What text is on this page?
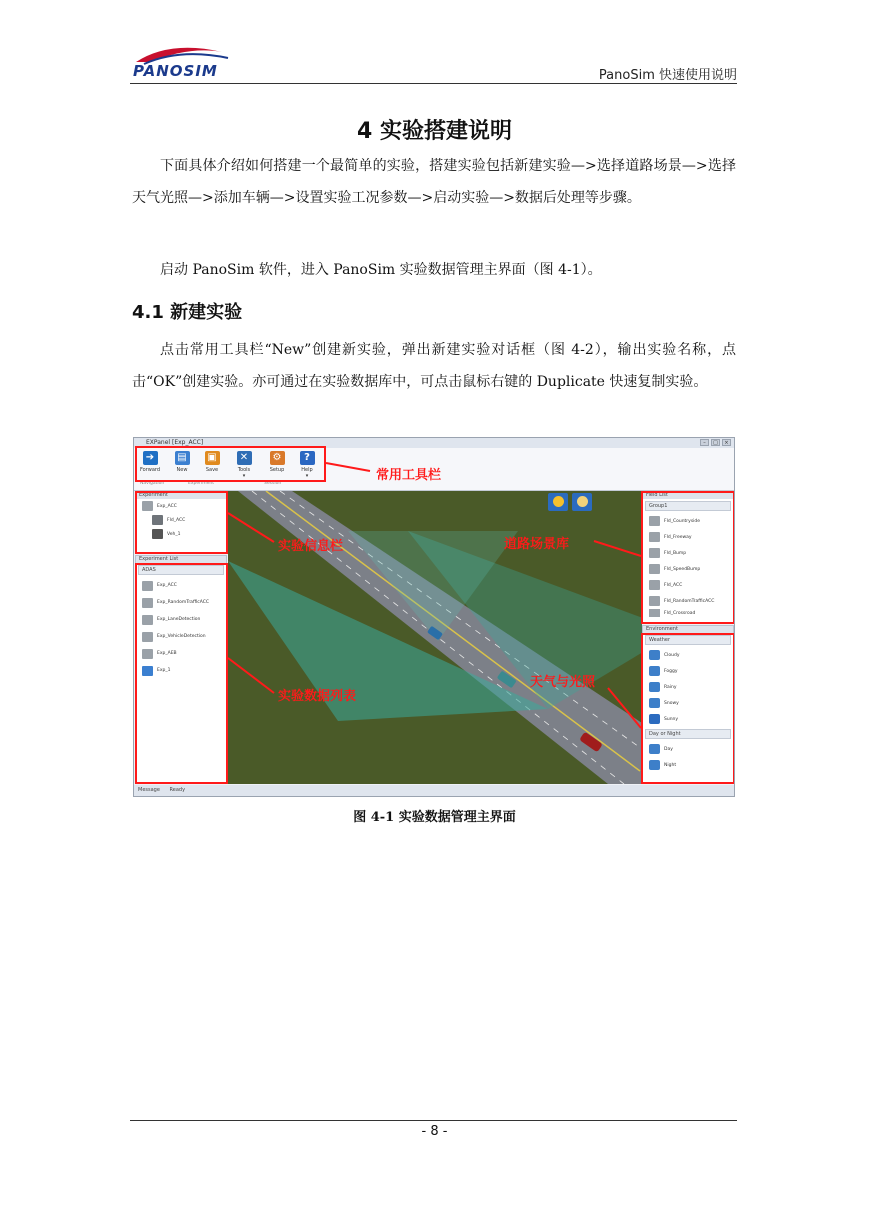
PANOSIM	PanoSim 快速使用说明
4 实验搭建说明

下面具体介绍如何搭建一个最简单的实验，搭建实验包括新建实验—>选择道路场景—>选择天气光照—>添加车辆—>设置实验工况参数—>启动实验—>数据后处理等步骤。

启动 PanoSim 软件，进入 PanoSim 实验数据管理主界面（图 4-1）。

4.1 新建实验

点击常用工具栏“New”创建新实验，弹出新建实验对话框（图 4-2），输出实验名称，点击“OK”创建实验。亦可通过在实验数据库中，可点击鼠标右键的 Duplicate 快速复制实验。

EXPanel [Exp_ACC]	–	□	×
➔
Forward
▤
New
▣
Save
✕
Tools
▾
⚙
Setup
?
Help
▾
Navigation	Experiment	Session
Experiment
Exp_ACC
Fld_ACC
Veh_1
Experiment List
ADAS
Exp_ACC
Exp_RandomTrafficACC
Exp_LaneDetection
Exp_VehicleDetection
Exp_AEB
Exp_1
Field List
Group1
Fld_Countryside
Fld_Freeway
Fld_Bump
Fld_SpeedBump
Fld_ACC
Fld_RandomTrafficACC
Fld_Crossroad
Environment
Weather
Cloudy
Foggy
Rainy
Snowy
Sunny
Day or Night
Day
Night
Message Ready
常用工具栏
实验信息栏	道路场景库
天气与光照
实验数据列表
图 4-1 实验数据管理主界面
- 8 -
